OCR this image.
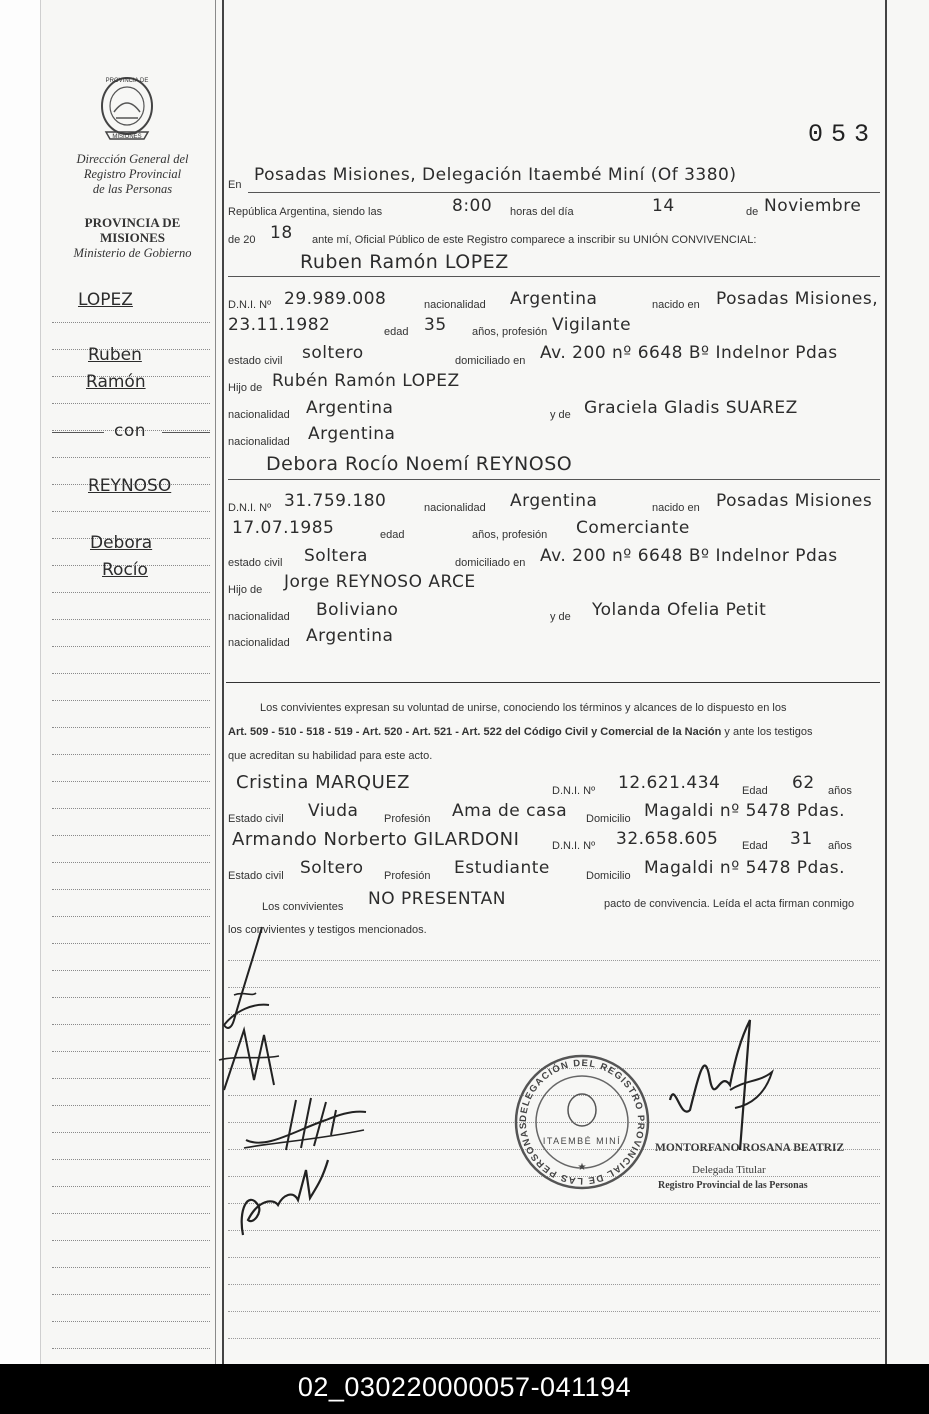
PROVINCIA DE
MISIONES
Dirección General del
Registro Provincial
de las Personas
PROVINCIA DE
MISIONES
Ministerio de Gobierno
053
LOPEZ
Ruben
Ramón
con
REYNOSO
Debora
Rocío
En Posadas Misiones, Delegación Itaembé Miní (Of 3380)
República Argentina, siendo las	8:00 horas del día	14	de Noviembre
de 20 18 ante mí, Oficial Público de este Registro comparece a inscribir su UNIÓN CONVIVENCIAL:
Ruben Ramón LOPEZ
D.N.I. Nº 29.989.008	nacionalidad Argentina	nacido en Posadas Misiones,
23.11.1982	edad 35 años, profesión Vigilante
estado civil soltero	domiciliado en Av. 200 nº 6648 Bº Indelnor Pdas
Hijo de Rubén Ramón LOPEZ
nacionalidad Argentina	y de Graciela Gladis SUAREZ
nacionalidad Argentina
Debora Rocío Noemí REYNOSO
D.N.I. Nº 31.759.180	nacionalidad Argentina	nacido en Posadas Misiones
17.07.1985	edad	años, profesión Comerciante
estado civil Soltera	domiciliado en Av. 200 nº 6648 Bº Indelnor Pdas
Hijo de Jorge REYNOSO ARCE
nacionalidad Boliviano	y de Yolanda Ofelia Petit
nacionalidad Argentina
Los convivientes expresan su voluntad de unirse, conociendo los términos y alcances de lo dispuesto en los
Art. 509 - 510 - 518 - 519 - Art. 520 - Art. 521 - Art. 522 del Código Civil y Comercial de la Nación y ante los testigos
que acreditan su habilidad para este acto.
Cristina MARQUEZ	D.N.I. Nº 12.621.434 Edad 62 años
Estado civil Viuda Profesión Ama de casa Domicilio Magaldi nº 5478 Pdas.
Armando Norberto GILARDONI	D.N.I. Nº 32.658.605 Edad 31 años
Estado civil Soltero Profesión Estudiante	Domicilio Magaldi nº 5478 Pdas.
Los convivientes NO PRESENTAN	pacto de convivencia. Leída el acta firman conmigo
los convivientes y testigos mencionados.
DELEGACIÓN DEL REGISTRO PROVINCIAL DE LAS PERSONAS
ITAEMBÉ MINÍ
★
MONTORFANO ROSANA BEATRIZ
Delegada Titular
Registro Provincial de las Personas
02_030220000057-041194
